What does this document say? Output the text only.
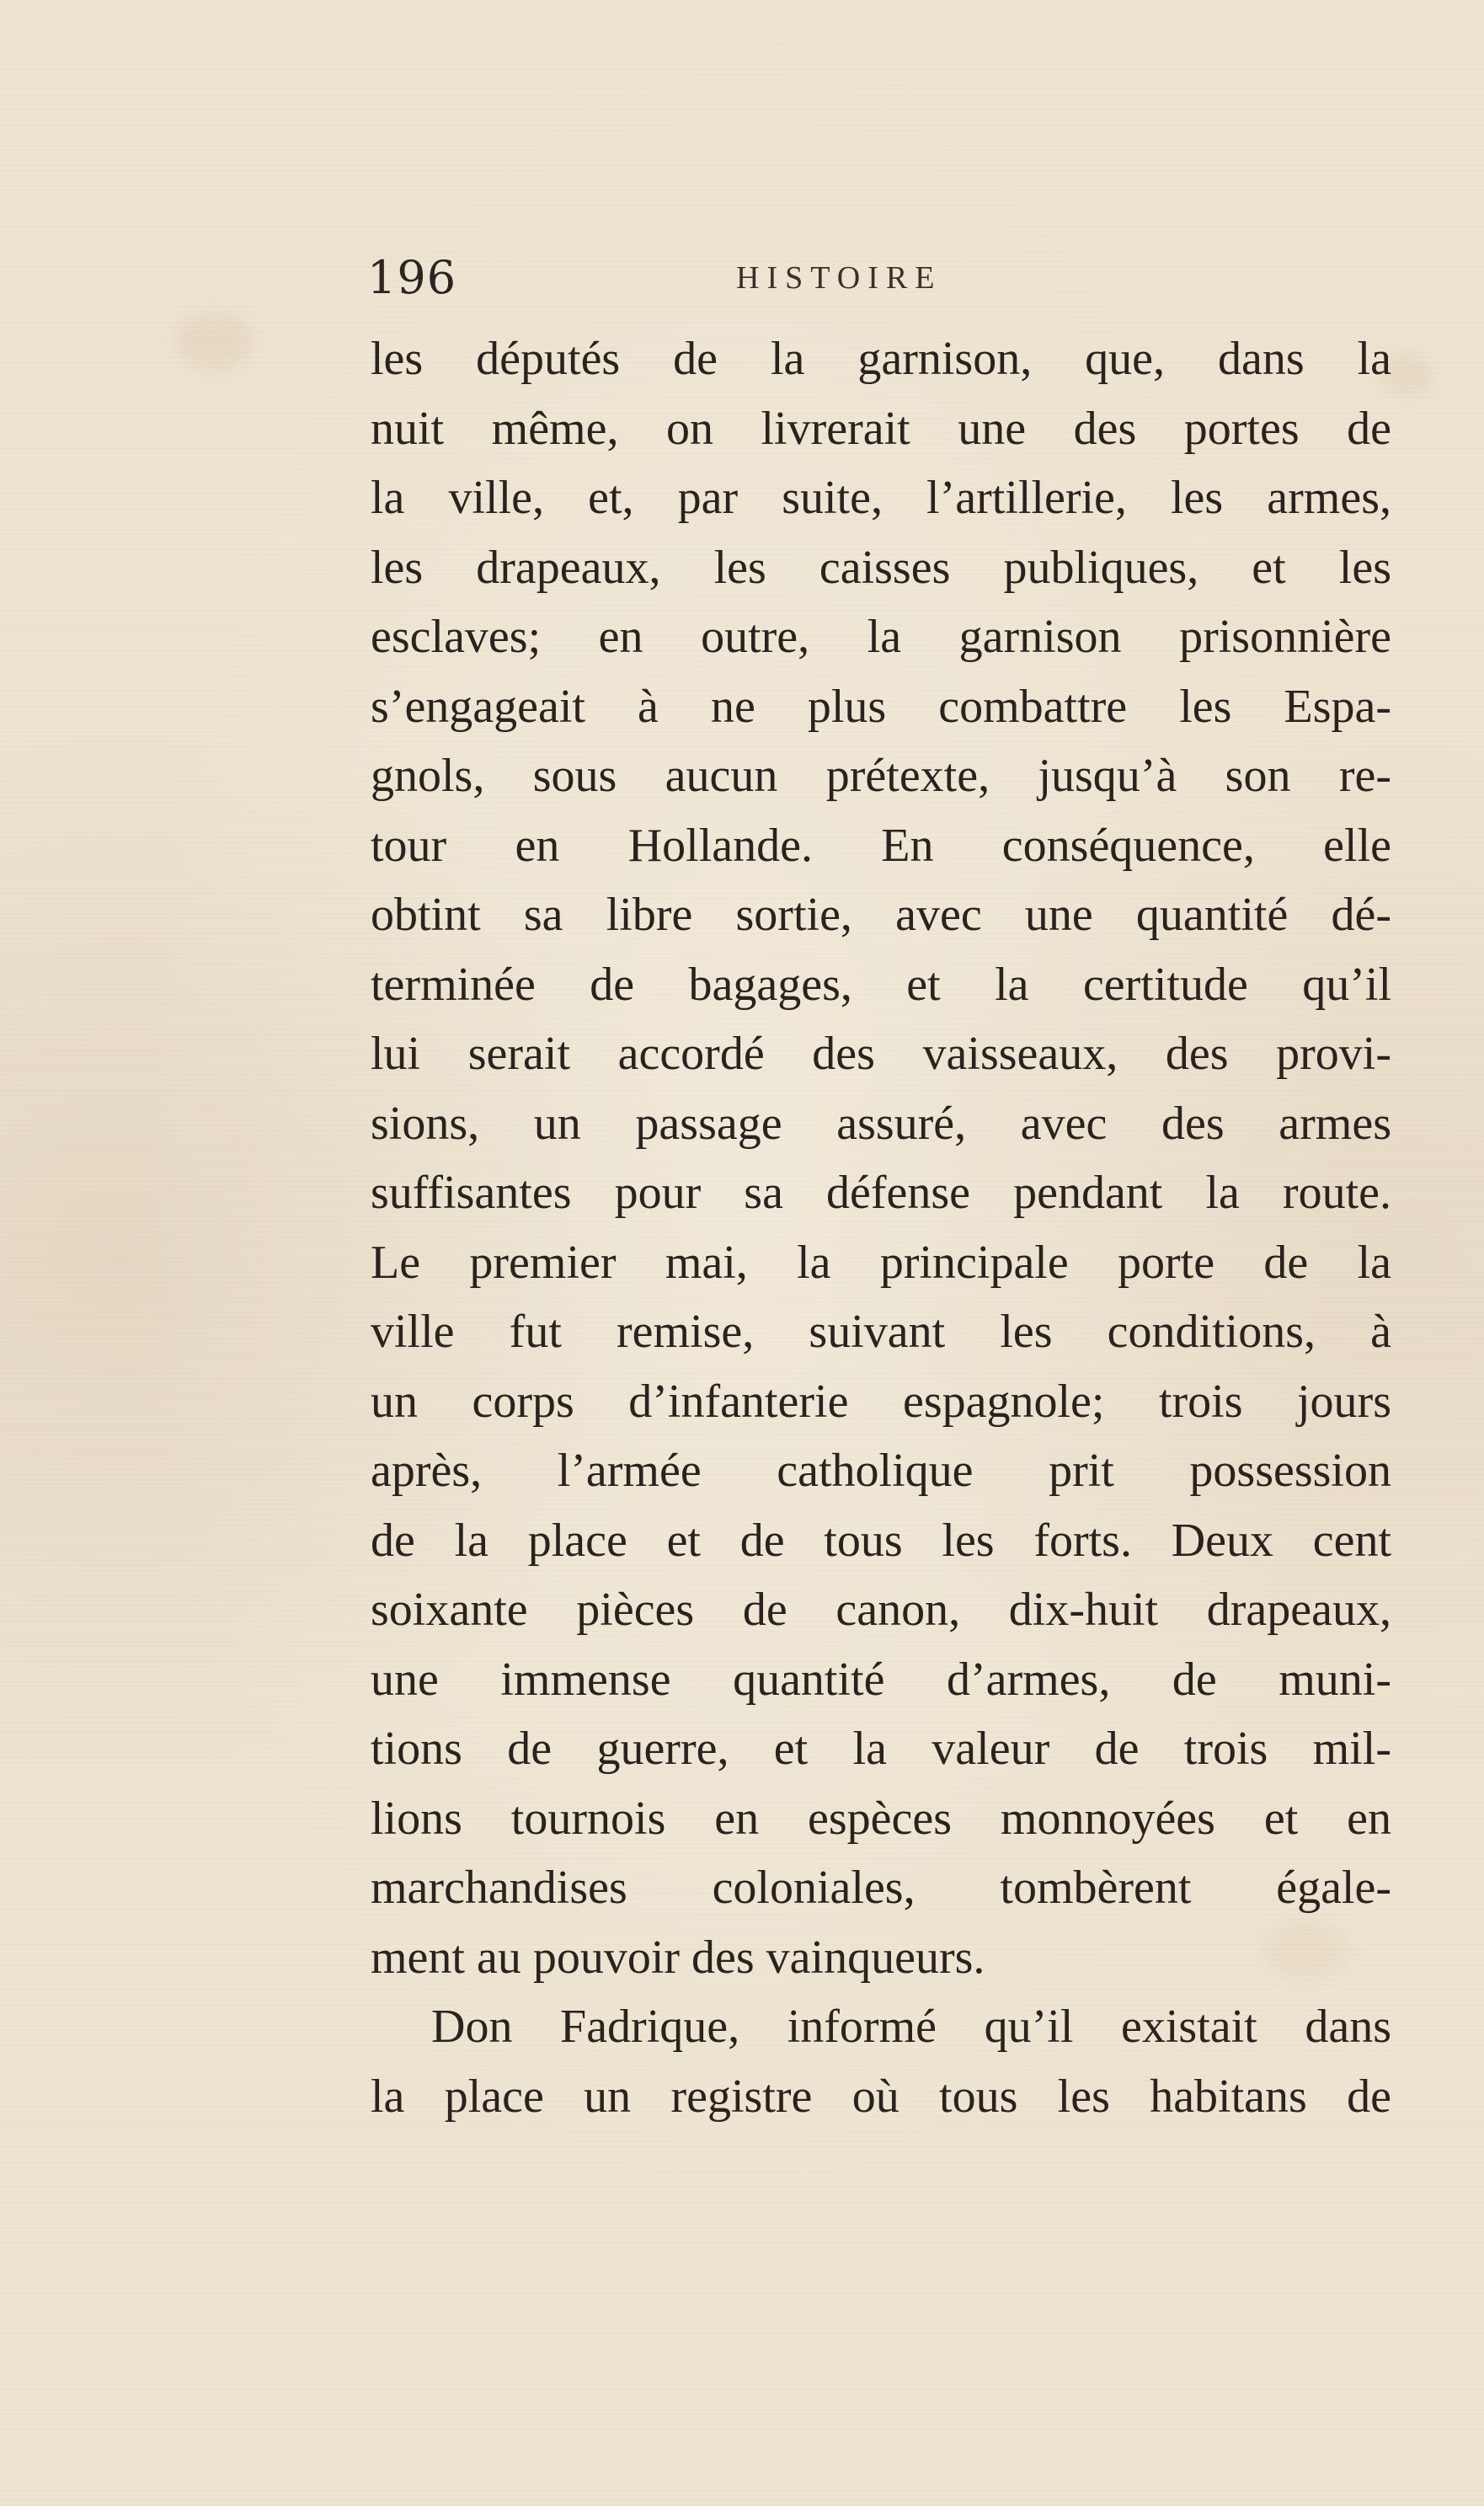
196	HISTOIRE
les députés de la garnison, que, dans la
nuit même, on livrerait une des portes de
la ville, et, par suite, l’artillerie, les armes,
les drapeaux, les caisses publiques, et les
esclaves; en outre, la garnison prisonnière
s’engageait à ne plus combattre les Espa-
gnols, sous aucun prétexte, jusqu’à son re-
tour en Hollande. En conséquence, elle
obtint sa libre sortie, avec une quantité dé-
terminée de bagages, et la certitude qu’il
lui serait accordé des vaisseaux, des provi-
sions, un passage assuré, avec des armes
suffisantes pour sa défense pendant la route.
Le premier mai, la principale porte de la
ville fut remise, suivant les conditions, à
un corps d’infanterie espagnole; trois jours
après, l’armée catholique prit possession
de la place et de tous les forts. Deux cent
soixante pièces de canon, dix-huit drapeaux,
une immense quantité d’armes, de muni-
tions de guerre, et la valeur de trois mil-
lions tournois en espèces monnoyées et en
marchandises coloniales, tombèrent égale-
ment au pouvoir des vainqueurs.
Don Fadrique, informé qu’il existait dans
la place un registre où tous les habitans de
